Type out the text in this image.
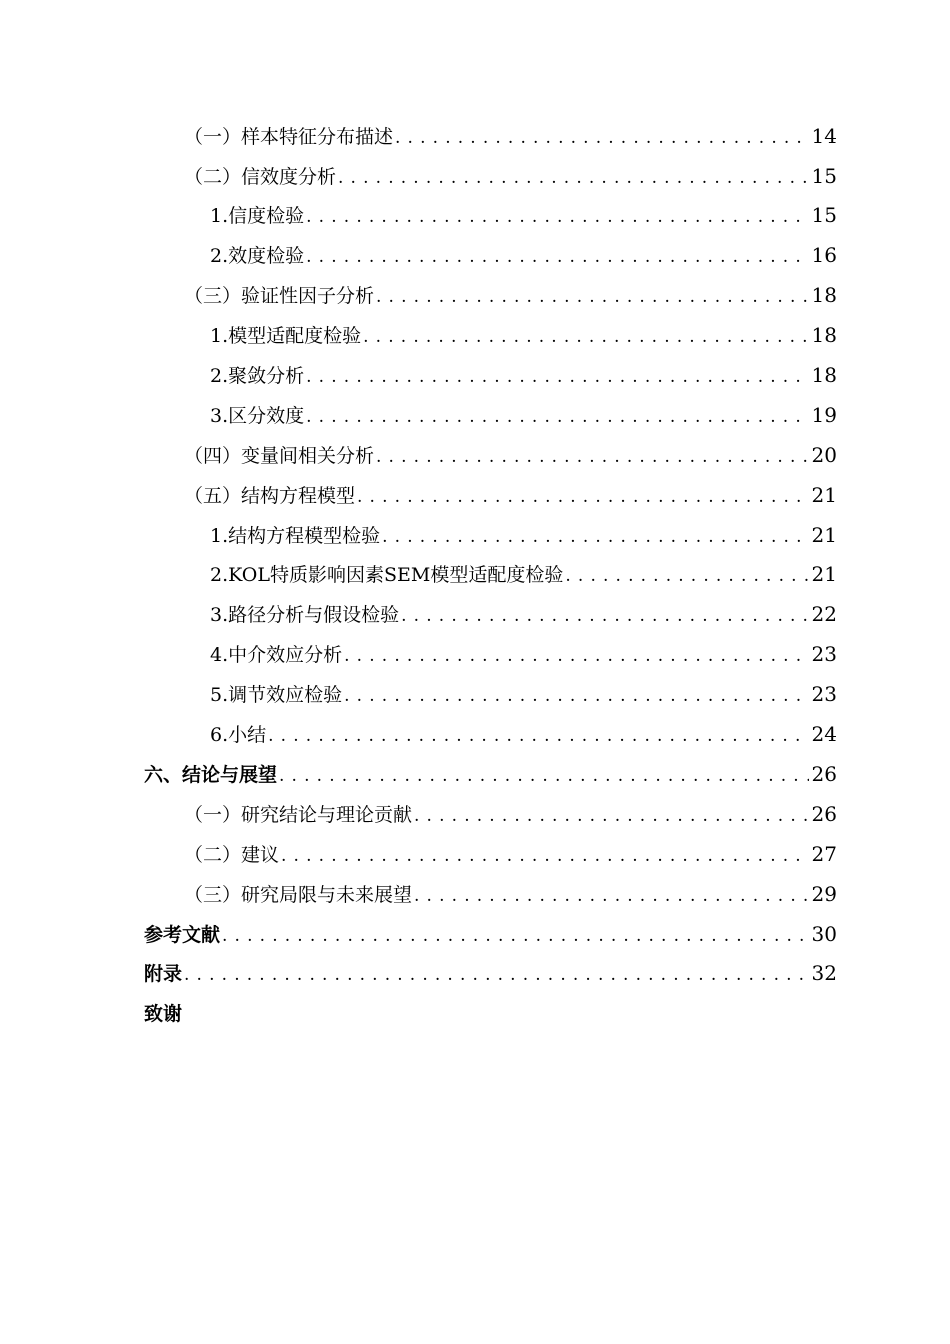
（一）样本特征分布描述 .....	14
（二）信效度分析 .....	15
1.信度检验 .....	15
2.效度检验 .....	16
（三）验证性因子分析 .....	18
1.模型适配度检验 .....	18
2.聚敛分析 .....	18
3.区分效度 .....	19
（四）变量间相关分析 .....	20
（五）结构方程模型 .....	21
1.结构方程模型检验 .....	21
2.KOL特质影响因素SEM模型适配度检验 .....	21
3.路径分析与假设检验 .....	22
4.中介效应分析 .....	23
5.调节效应检验 .....	23
6.小结 .....	24
六、结论与展望 .....	26
（一）研究结论与理论贡献 .....	26
（二）建议 .....	27
（三）研究局限与未来展望 .....	29
参考文献 .....	30
附录 .....	32
致谢
